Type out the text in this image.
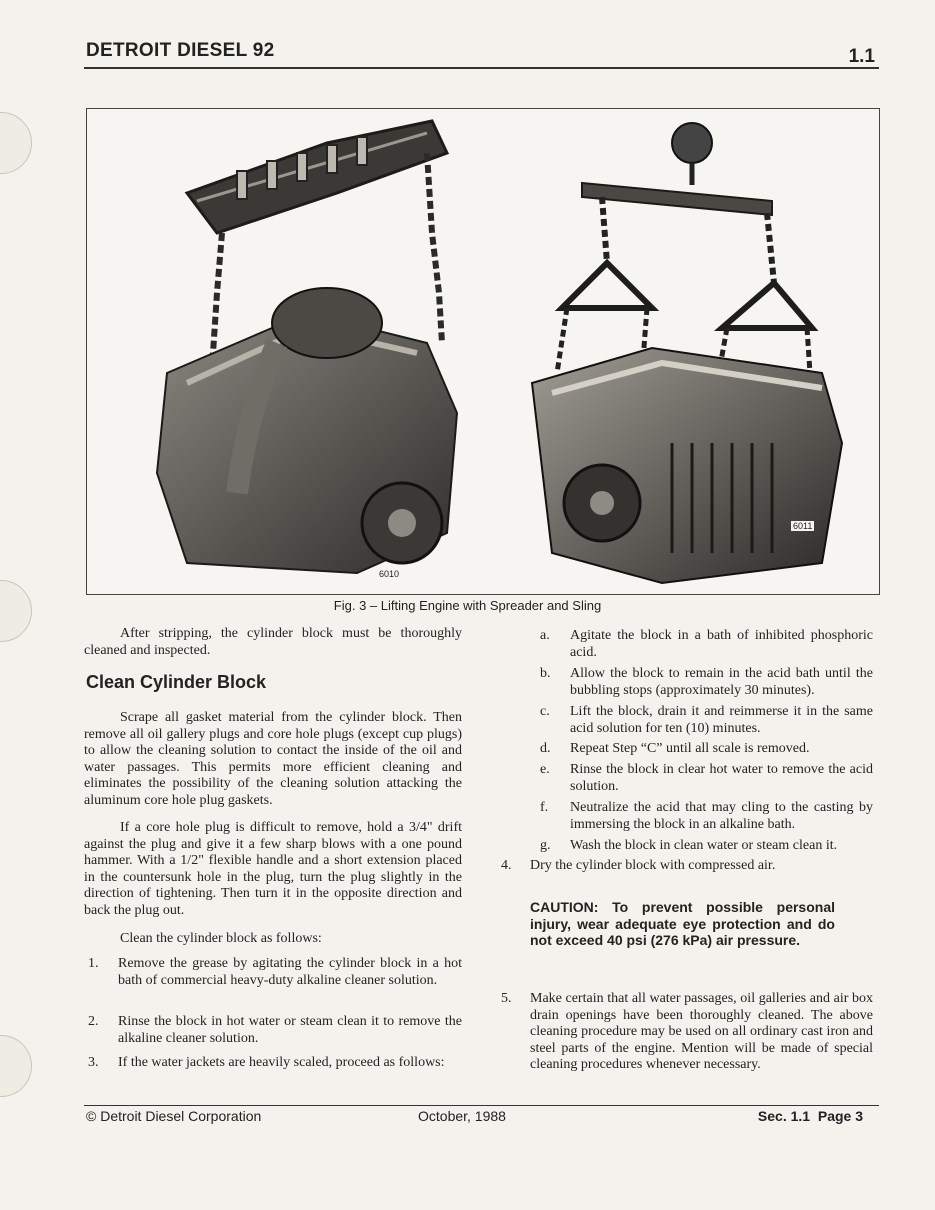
DETROIT DIESEL 92	1.1
6010
6011
Fig. 3 – Lifting Engine with Spreader and Sling

After stripping, the cylinder block must be thoroughly cleaned and inspected.

Clean Cylinder Block

Scrape all gasket material from the cylinder block. Then remove all oil gallery plugs and core hole plugs (except cup plugs) to allow the cleaning solution to contact the inside of the oil and water passages. This permits more efficient cleaning and eliminates the possibility of the cleaning solution attacking the aluminum core hole plug gaskets.

If a core hole plug is difficult to remove, hold a 3/4" drift against the plug and give it a few sharp blows with a one pound hammer. With a 1/2" flexible handle and a short extension placed in the countersunk hole in the plug, turn the plug slightly in the direction of tightening. Then turn it in the opposite direction and back the plug out.

Clean the cylinder block as follows:

1. Remove the grease by agitating the cylinder block in a hot bath of commercial heavy-duty alkaline cleaner solution.

2. Rinse the block in hot water or steam clean it to remove the alkaline cleaner solution.

3. If the water jackets are heavily scaled, proceed as follows:

a. Agitate the block in a bath of inhibited phosphoric acid.

b. Allow the block to remain in the acid bath until the bubbling stops (approximately 30 minutes).

c. Lift the block, drain it and reimmerse it in the same acid solution for ten (10) minutes.

d. Repeat Step “C” until all scale is removed.

e. Rinse the block in clear hot water to remove the acid solution.

f. Neutralize the acid that may cling to the casting by immersing the block in an alkaline bath.

g. Wash the block in clean water or steam clean it.

4. Dry the cylinder block with compressed air.

CAUTION: To prevent possible personal injury, wear adequate eye protection and do not exceed 40 psi (276 kPa) air pressure.

5. Make certain that all water passages, oil galleries and air box drain openings have been thoroughly cleaned. The above cleaning procedure may be used on all ordinary cast iron and steel parts of the engine. Mention will be made of special cleaning procedures whenever necessary.

© Detroit Diesel Corporation	October, 1988	Sec. 1.1  Page 3
